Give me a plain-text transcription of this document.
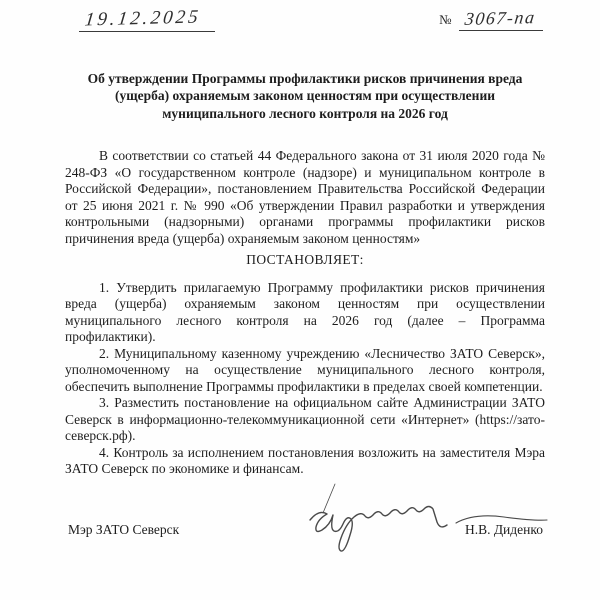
19.12.2025	№ 3067-па
Об утверждении Программы профилактики рисков причинения вреда (ущерба) охраняемым законом ценностям при осуществлении муниципального лесного контроля на 2026 год

В соответствии со статьей 44 Федерального закона от 31 июля 2020 года № 248-ФЗ «О государственном контроле (надзоре) и муниципальном контроле в Российской Федерации», постановлением Правительства Российской Федерации от 25 июня 2021 г. № 990 «Об утверждении Правил разработки и утверждения контрольными (надзорными) органами программы профилактики рисков причинения вреда (ущерба) охраняемым законом ценностям»

ПОСТАНОВЛЯЕТ:

1. Утвердить прилагаемую Программу профилактики рисков причинения вреда (ущерба) охраняемым законом ценностям при осуществлении муниципального лесного контроля на 2026 год (далее – Программа профилактики).

2. Муниципальному казенному учреждению «Лесничество ЗАТО Северск», уполномоченному на осуществление муниципального лесного контроля, обеспечить выполнение Программы профилактики в пределах своей компетенции.

3. Разместить постановление на официальном сайте Администрации ЗАТО Северск в информационно-телекоммуникационной сети «Интернет» (https://зато-северск.рф).

4. Контроль за исполнением постановления возложить на заместителя Мэра ЗАТО Северск по экономике и финансам.

Мэр ЗАТО Северск	Н.В. Диденко
